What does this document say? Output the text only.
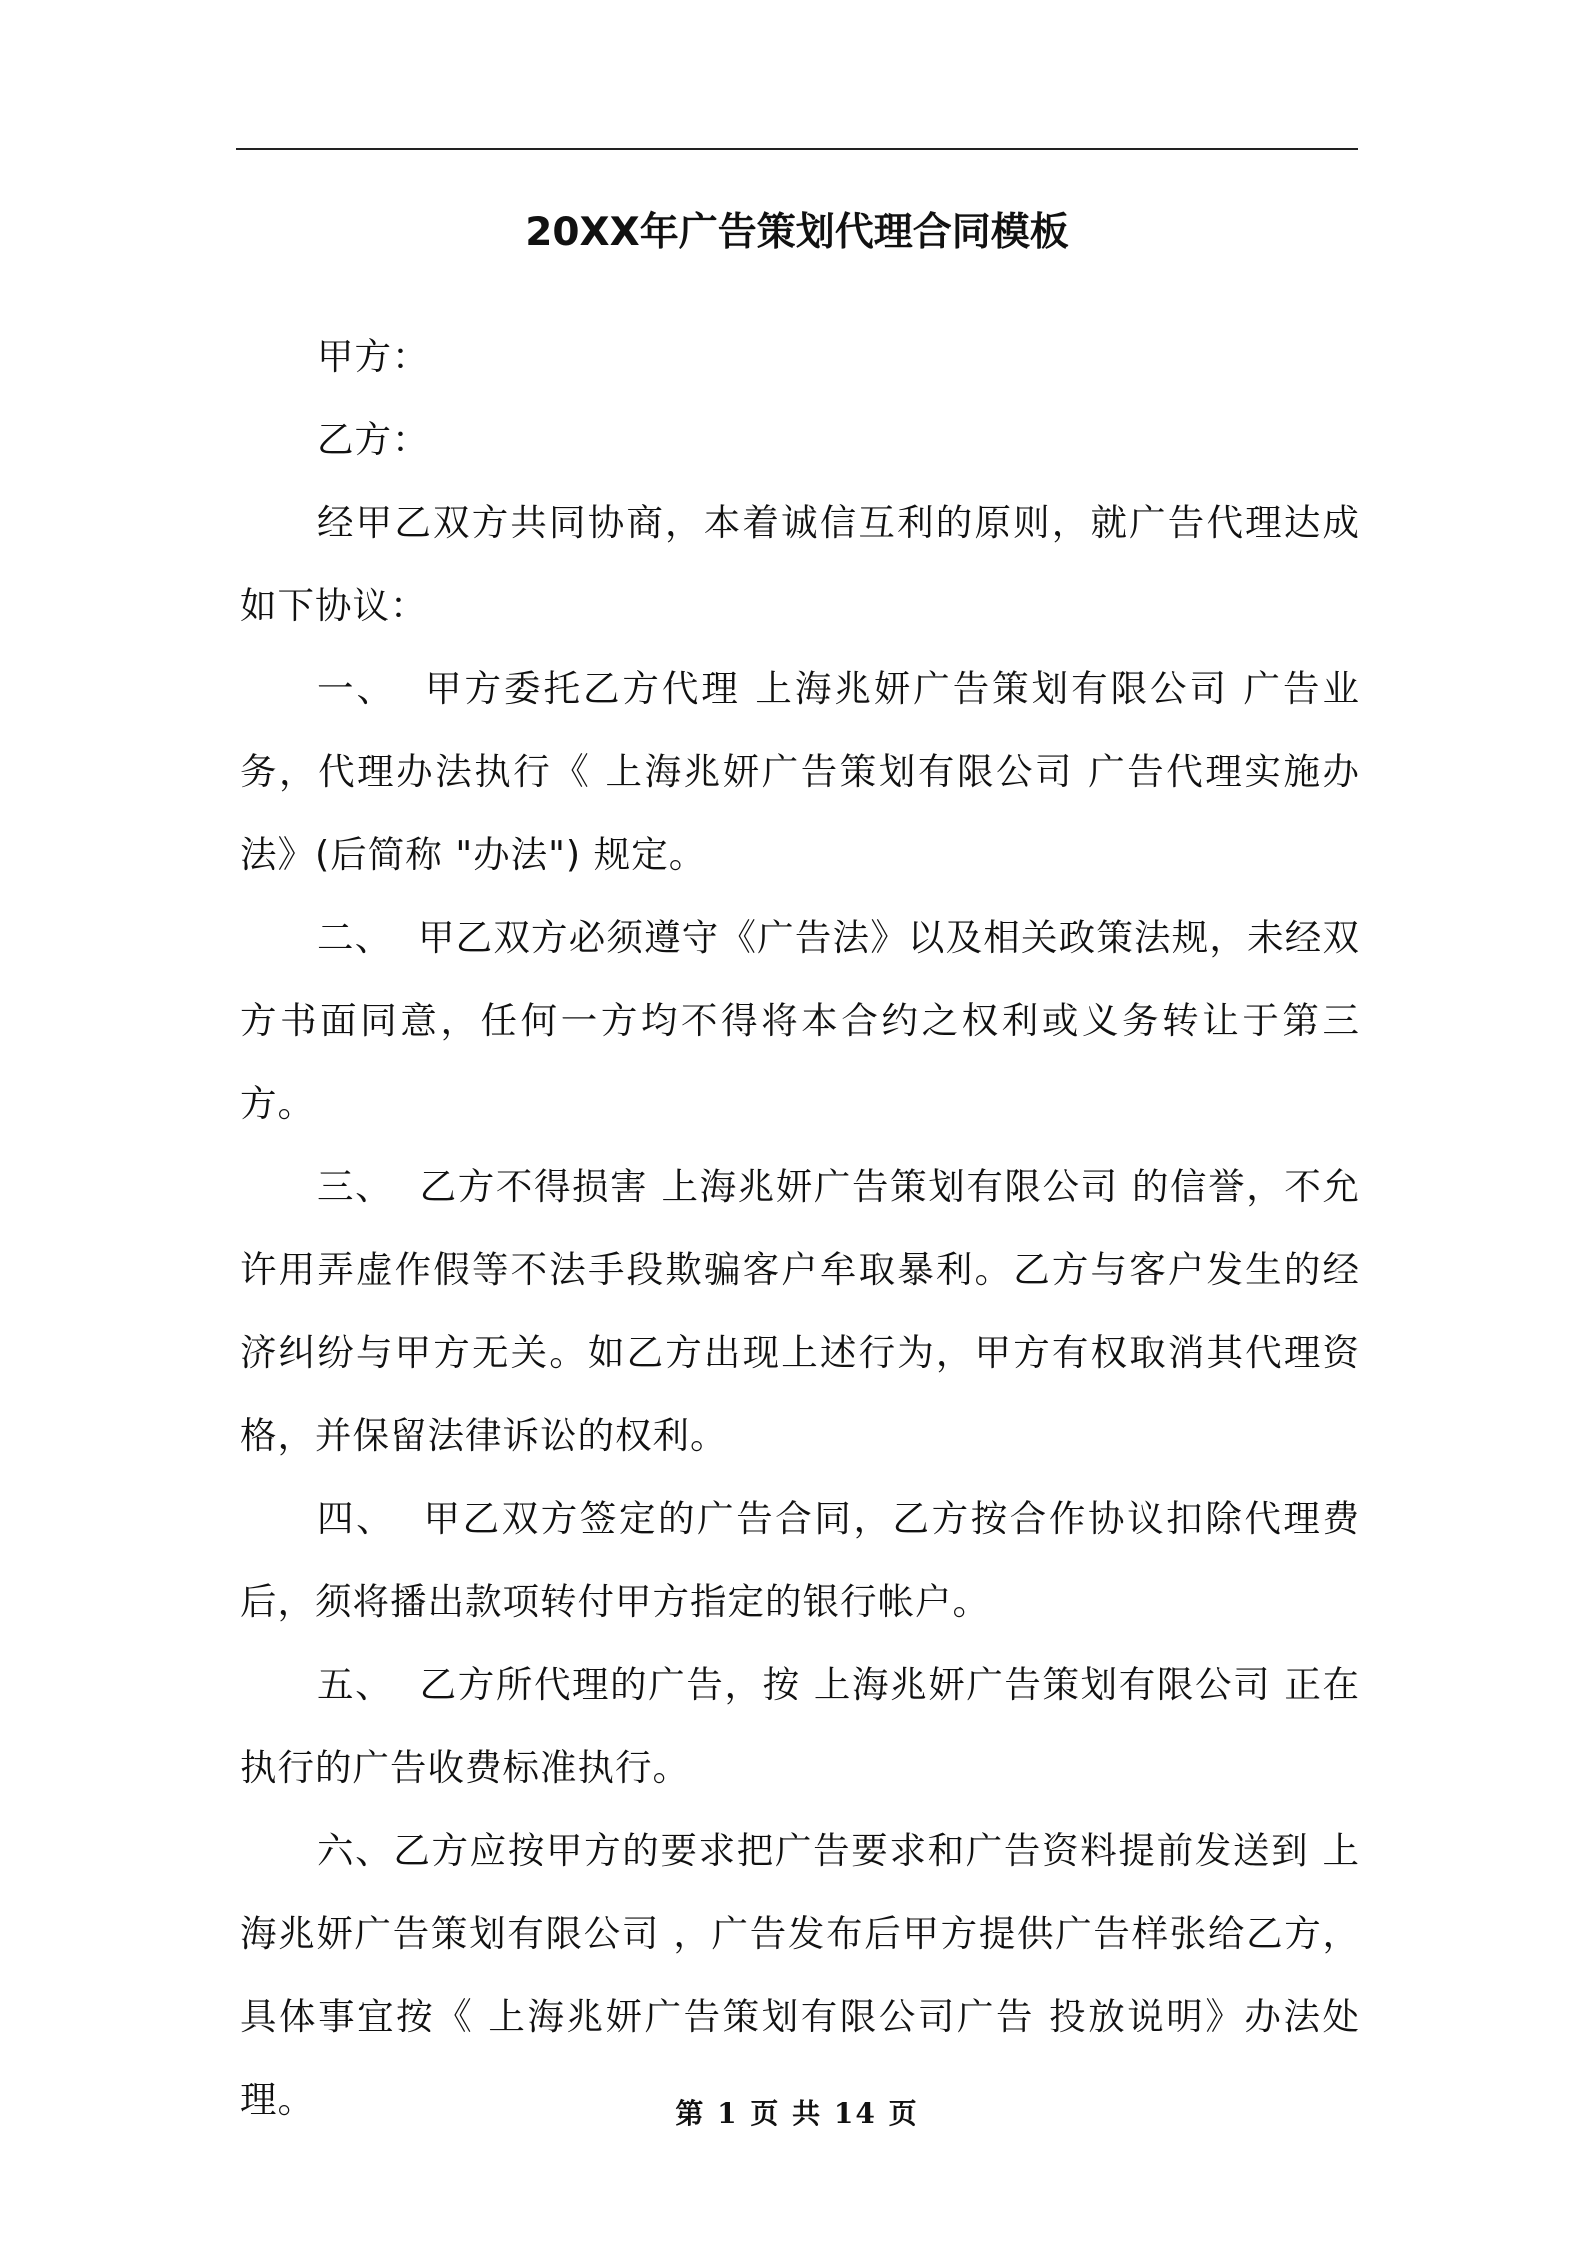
20XX年广告策划代理合同模板
甲方：
乙方：
经甲乙双方共同协商，本着诚信互利的原则，就广告代理达成如下协议：
一、  甲方委托乙方代理 上海兆妍广告策划有限公司 广告业务，代理办法执行《 上海兆妍广告策划有限公司 广告代理实施办法》(后简称 "办法") 规定。
二、  甲乙双方必须遵守《广告法》以及相关政策法规，未经双方书面同意，任何一方均不得将本合约之权利或义务转让于第三方。
三、  乙方不得损害 上海兆妍广告策划有限公司 的信誉，不允许用弄虚作假等不法手段欺骗客户牟取暴利。乙方与客户发生的经济纠纷与甲方无关。如乙方出现上述行为，甲方有权取消其代理资格，并保留法律诉讼的权利。
四、  甲乙双方签定的广告合同，乙方按合作协议扣除代理费后，须将播出款项转付甲方指定的银行帐户。
五、  乙方所代理的广告，按 上海兆妍广告策划有限公司 正在执行的广告收费标准执行。
六、乙方应按甲方的要求把广告要求和广告资料提前发送到 上海兆妍广告策划有限公司 ，广告发布后甲方提供广告样张给乙方，具体事宜按《 上海兆妍广告策划有限公司广告 投放说明》办法处理。	第 1 页 共 14 页
